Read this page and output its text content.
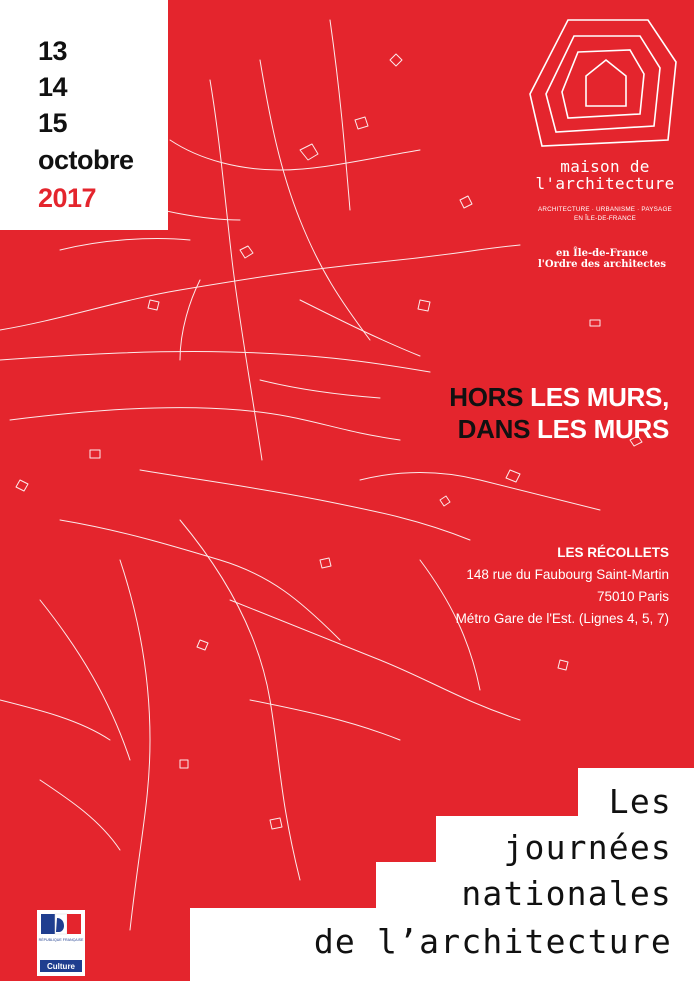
13
14
15
octobre
2017
maison de
l'architecture
ARCHITECTURE · URBANISME · PAYSAGE
EN ÎLE-DE-FRANCE
en Île-de-France
l'Ordre des architectes
HORS LES MURS,
DANS LES MURS
LES RÉCOLLETS
148 rue du Faubourg Saint-Martin
75010 Paris
Métro Gare de l'Est. (Lignes 4, 5, 7)
Les
journées
nationales
de l’architecture
RÉPUBLIQUE FRANÇAISE
Culture
